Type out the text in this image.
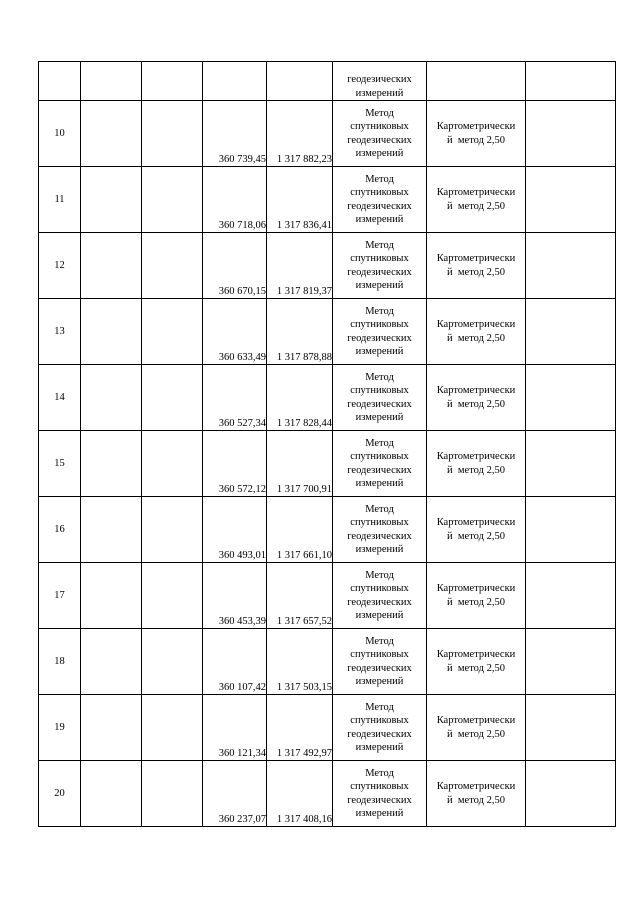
					геодезических
измерений		

10			360 739,45	1 317 882,23	Метод
спутниковых
геодезических
измерений	Картометрически
й  метод 2,50	

11			360 718,06	1 317 836,41	Метод
спутниковых
геодезических
измерений	Картометрически
й  метод 2,50	

12			360 670,15	1 317 819,37	Метод
спутниковых
геодезических
измерений	Картометрически
й  метод 2,50	

13			360 633,49	1 317 878,88	Метод
спутниковых
геодезических
измерений	Картометрически
й  метод 2,50	

14			360 527,34	1 317 828,44	Метод
спутниковых
геодезических
измерений	Картометрически
й  метод 2,50	

15			360 572,12	1 317 700,91	Метод
спутниковых
геодезических
измерений	Картометрически
й  метод 2,50	

16			360 493,01	1 317 661,10	Метод
спутниковых
геодезических
измерений	Картометрически
й  метод 2,50	

17			360 453,39	1 317 657,52	Метод
спутниковых
геодезических
измерений	Картометрически
й  метод 2,50	

18			360 107,42	1 317 503,15	Метод
спутниковых
геодезических
измерений	Картометрически
й  метод 2,50	

19			360 121,34	1 317 492,97	Метод
спутниковых
геодезических
измерений	Картометрически
й  метод 2,50	

20			360 237,07	1 317 408,16	Метод
спутниковых
геодезических
измерений	Картометрически
й  метод 2,50	
